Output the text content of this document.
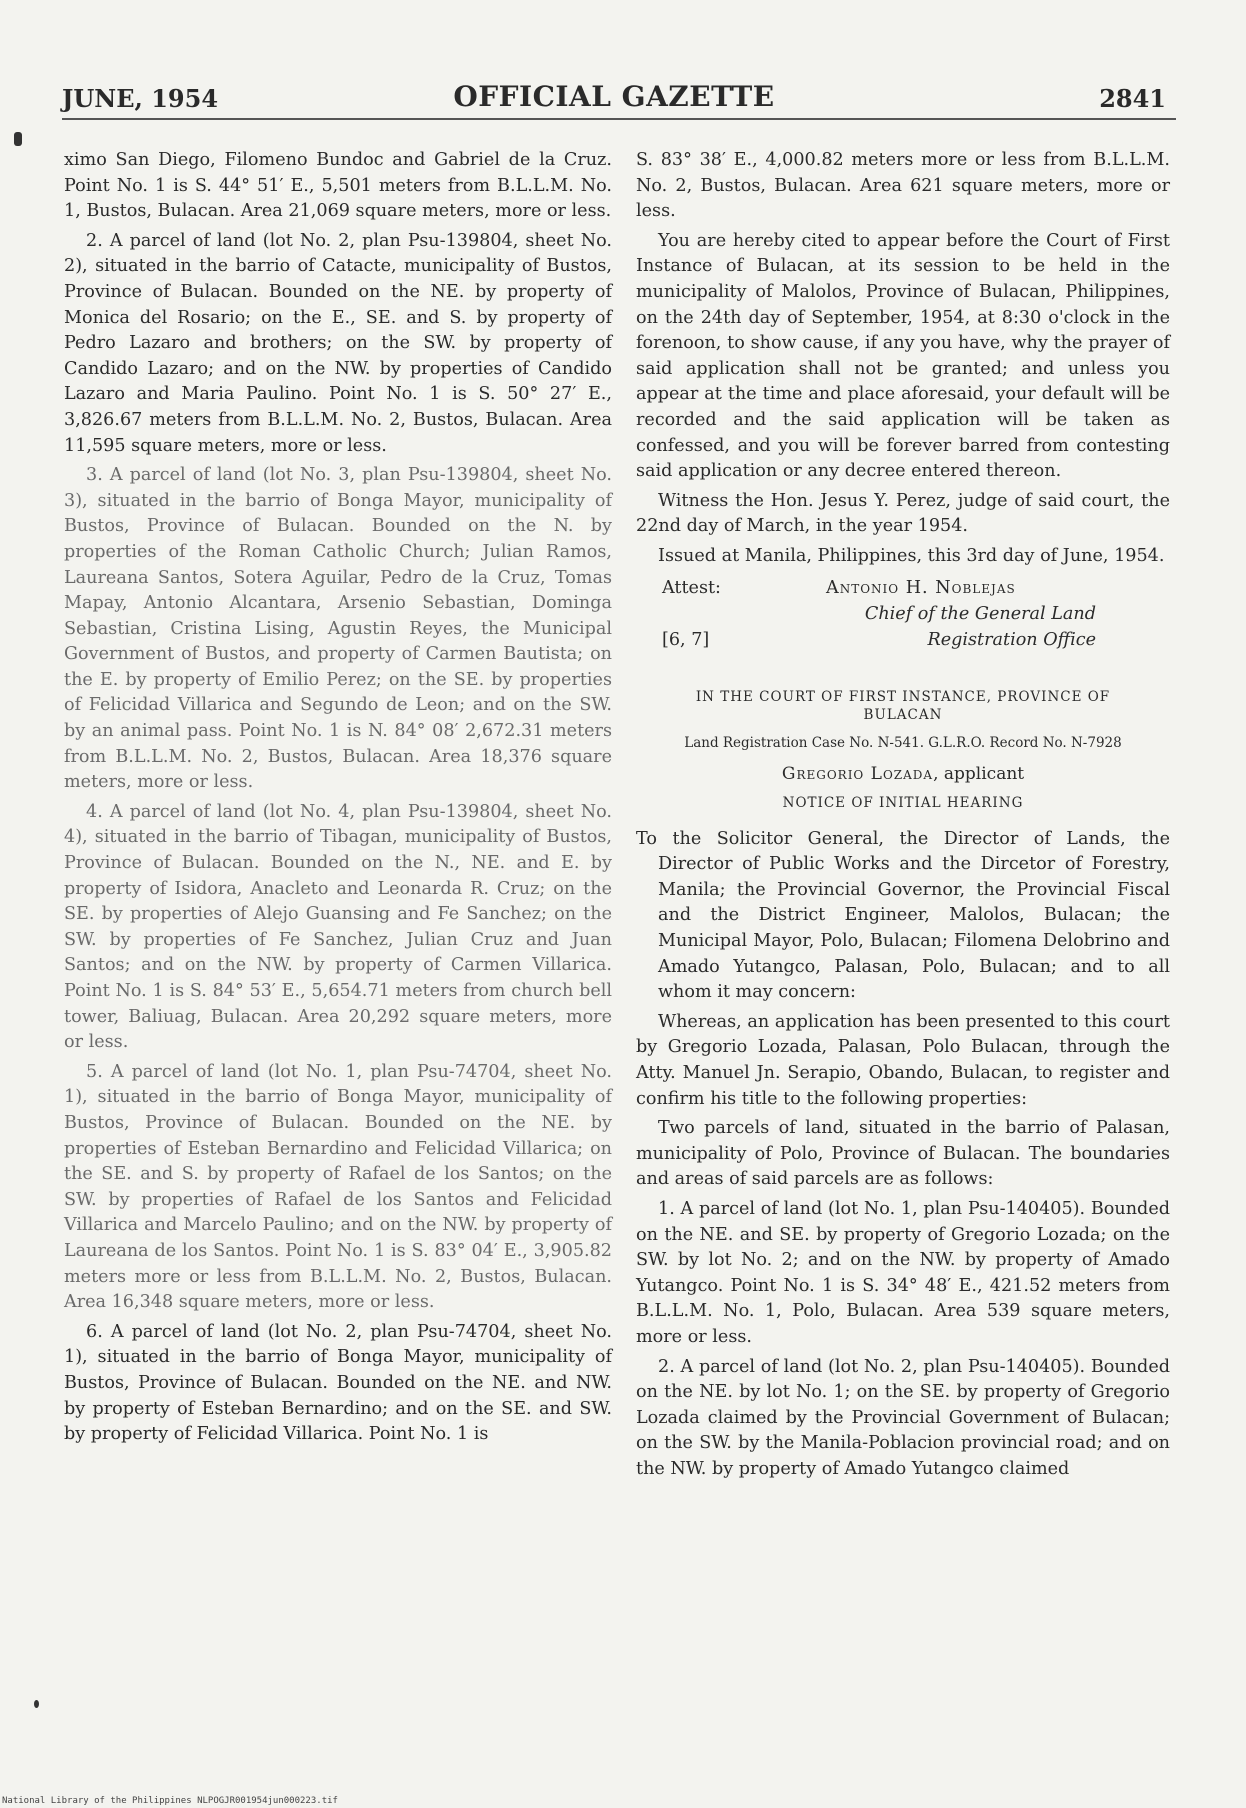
JUNE, 1954	OFFICIAL GAZETTE	2841

ximo San Diego, Filomeno Bundoc and Gabriel de la Cruz. Point No. 1 is S. 44° 51′ E., 5,501 meters from B.L.L.M. No. 1, Bustos, Bulacan. Area 21,069 square meters, more or less.

2. A parcel of land (lot No. 2, plan Psu-139804, sheet No. 2), situated in the barrio of Catacte, municipality of Bustos, Province of Bulacan. Bounded on the NE. by property of Monica del Rosario; on the E., SE. and S. by property of Pedro Lazaro and brothers; on the SW. by property of Candido Lazaro; and on the NW. by properties of Candido Lazaro and Maria Paulino. Point No. 1 is S. 50° 27′ E., 3,826.67 meters from B.L.L.M. No. 2, Bustos, Bulacan. Area 11,595 square meters, more or less.

3. A parcel of land (lot No. 3, plan Psu-139804, sheet No. 3), situated in the barrio of Bonga Mayor, municipality of Bustos, Province of Bulacan. Bounded on the N. by properties of the Roman Catholic Church; Julian Ramos, Laureana Santos, Sotera Aguilar, Pedro de la Cruz, Tomas Mapay, Antonio Alcantara, Arsenio Sebastian, Dominga Sebastian, Cristina Lising, Agustin Reyes, the Municipal Government of Bustos, and property of Carmen Bautista; on the E. by property of Emilio Perez; on the SE. by properties of Felicidad Villarica and Segundo de Leon; and on the SW. by an animal pass. Point No. 1 is N. 84° 08′ 2,672.31 meters from B.L.L.M. No. 2, Bustos, Bulacan. Area 18,376 square meters, more or less.

4. A parcel of land (lot No. 4, plan Psu-139804, sheet No. 4), situated in the barrio of Tibagan, municipality of Bustos, Province of Bulacan. Bounded on the N., NE. and E. by property of Isidora, Anacleto and Leonarda R. Cruz; on the SE. by properties of Alejo Guansing and Fe Sanchez; on the SW. by properties of Fe Sanchez, Julian Cruz and Juan Santos; and on the NW. by property of Carmen Villarica. Point No. 1 is S. 84° 53′ E., 5,654.71 meters from church bell tower, Baliuag, Bulacan. Area 20,292 square meters, more or less.

5. A parcel of land (lot No. 1, plan Psu-74704, sheet No. 1), situated in the barrio of Bonga Mayor, municipality of Bustos, Province of Bulacan. Bounded on the NE. by properties of Esteban Bernardino and Felicidad Villarica; on the SE. and S. by property of Rafael de los Santos; on the SW. by properties of Rafael de los Santos and Felicidad Villarica and Marcelo Paulino; and on the NW. by property of Laureana de los Santos. Point No. 1 is S. 83° 04′ E., 3,905.82 meters more or less from B.L.L.M. No. 2, Bustos, Bulacan. Area 16,348 square meters, more or less.

6. A parcel of land (lot No. 2, plan Psu-74704, sheet No. 1), situated in the barrio of Bonga Mayor, municipality of Bustos, Province of Bulacan. Bounded on the NE. and NW. by property of Esteban Bernardino; and on the SE. and SW. by property of Felicidad Villarica. Point No. 1 is

S. 83° 38′ E., 4,000.82 meters more or less from B.L.L.M. No. 2, Bustos, Bulacan. Area 621 square meters, more or less.

You are hereby cited to appear before the Court of First Instance of Bulacan, at its session to be held in the municipality of Malolos, Province of Bulacan, Philippines, on the 24th day of September, 1954, at 8:30 o'clock in the forenoon, to show cause, if any you have, why the prayer of said application shall not be granted; and unless you appear at the time and place aforesaid, your default will be recorded and the said application will be taken as confessed, and you will be forever barred from contesting said application or any decree entered thereon.

Witness the Hon. Jesus Y. Perez, judge of said court, the 22nd day of March, in the year 1954.

Issued at Manila, Philippines, this 3rd day of June, 1954.

Attest:	Antonio H. Noblejas
Chief of the General Land
[6, 7]	Registration Office
IN THE COURT OF FIRST INSTANCE, PROVINCE OF BULACAN
Land Registration Case No. N-541. G.L.R.O. Record No. N-7928
Gregorio Lozada, applicant
NOTICE OF INITIAL HEARING

To the Solicitor General, the Director of Lands, the Director of Public Works and the Dircetor of Forestry, Manila; the Provincial Governor, the Provincial Fiscal and the District Engineer, Malolos, Bulacan; the Municipal Mayor, Polo, Bulacan; Filomena Delobrino and Amado Yutangco, Palasan, Polo, Bulacan; and to all whom it may concern:

Whereas, an application has been presented to this court by Gregorio Lozada, Palasan, Polo Bulacan, through the Atty. Manuel Jn. Serapio, Obando, Bulacan, to register and confirm his title to the following properties:

Two parcels of land, situated in the barrio of Palasan, municipality of Polo, Province of Bulacan. The boundaries and areas of said parcels are as follows:

1. A parcel of land (lot No. 1, plan Psu-140405). Bounded on the NE. and SE. by property of Gregorio Lozada; on the SW. by lot No. 2; and on the NW. by property of Amado Yutangco. Point No. 1 is S. 34° 48′ E., 421.52 meters from B.L.L.M. No. 1, Polo, Bulacan. Area 539 square meters, more or less.

2. A parcel of land (lot No. 2, plan Psu-140405). Bounded on the NE. by lot No. 1; on the SE. by property of Gregorio Lozada claimed by the Provincial Government of Bulacan; on the SW. by the Manila-Poblacion provincial road; and on the NW. by property of Amado Yutangco claimed

National Library of the Philippines NLPOGJR001954jun000223.tif
